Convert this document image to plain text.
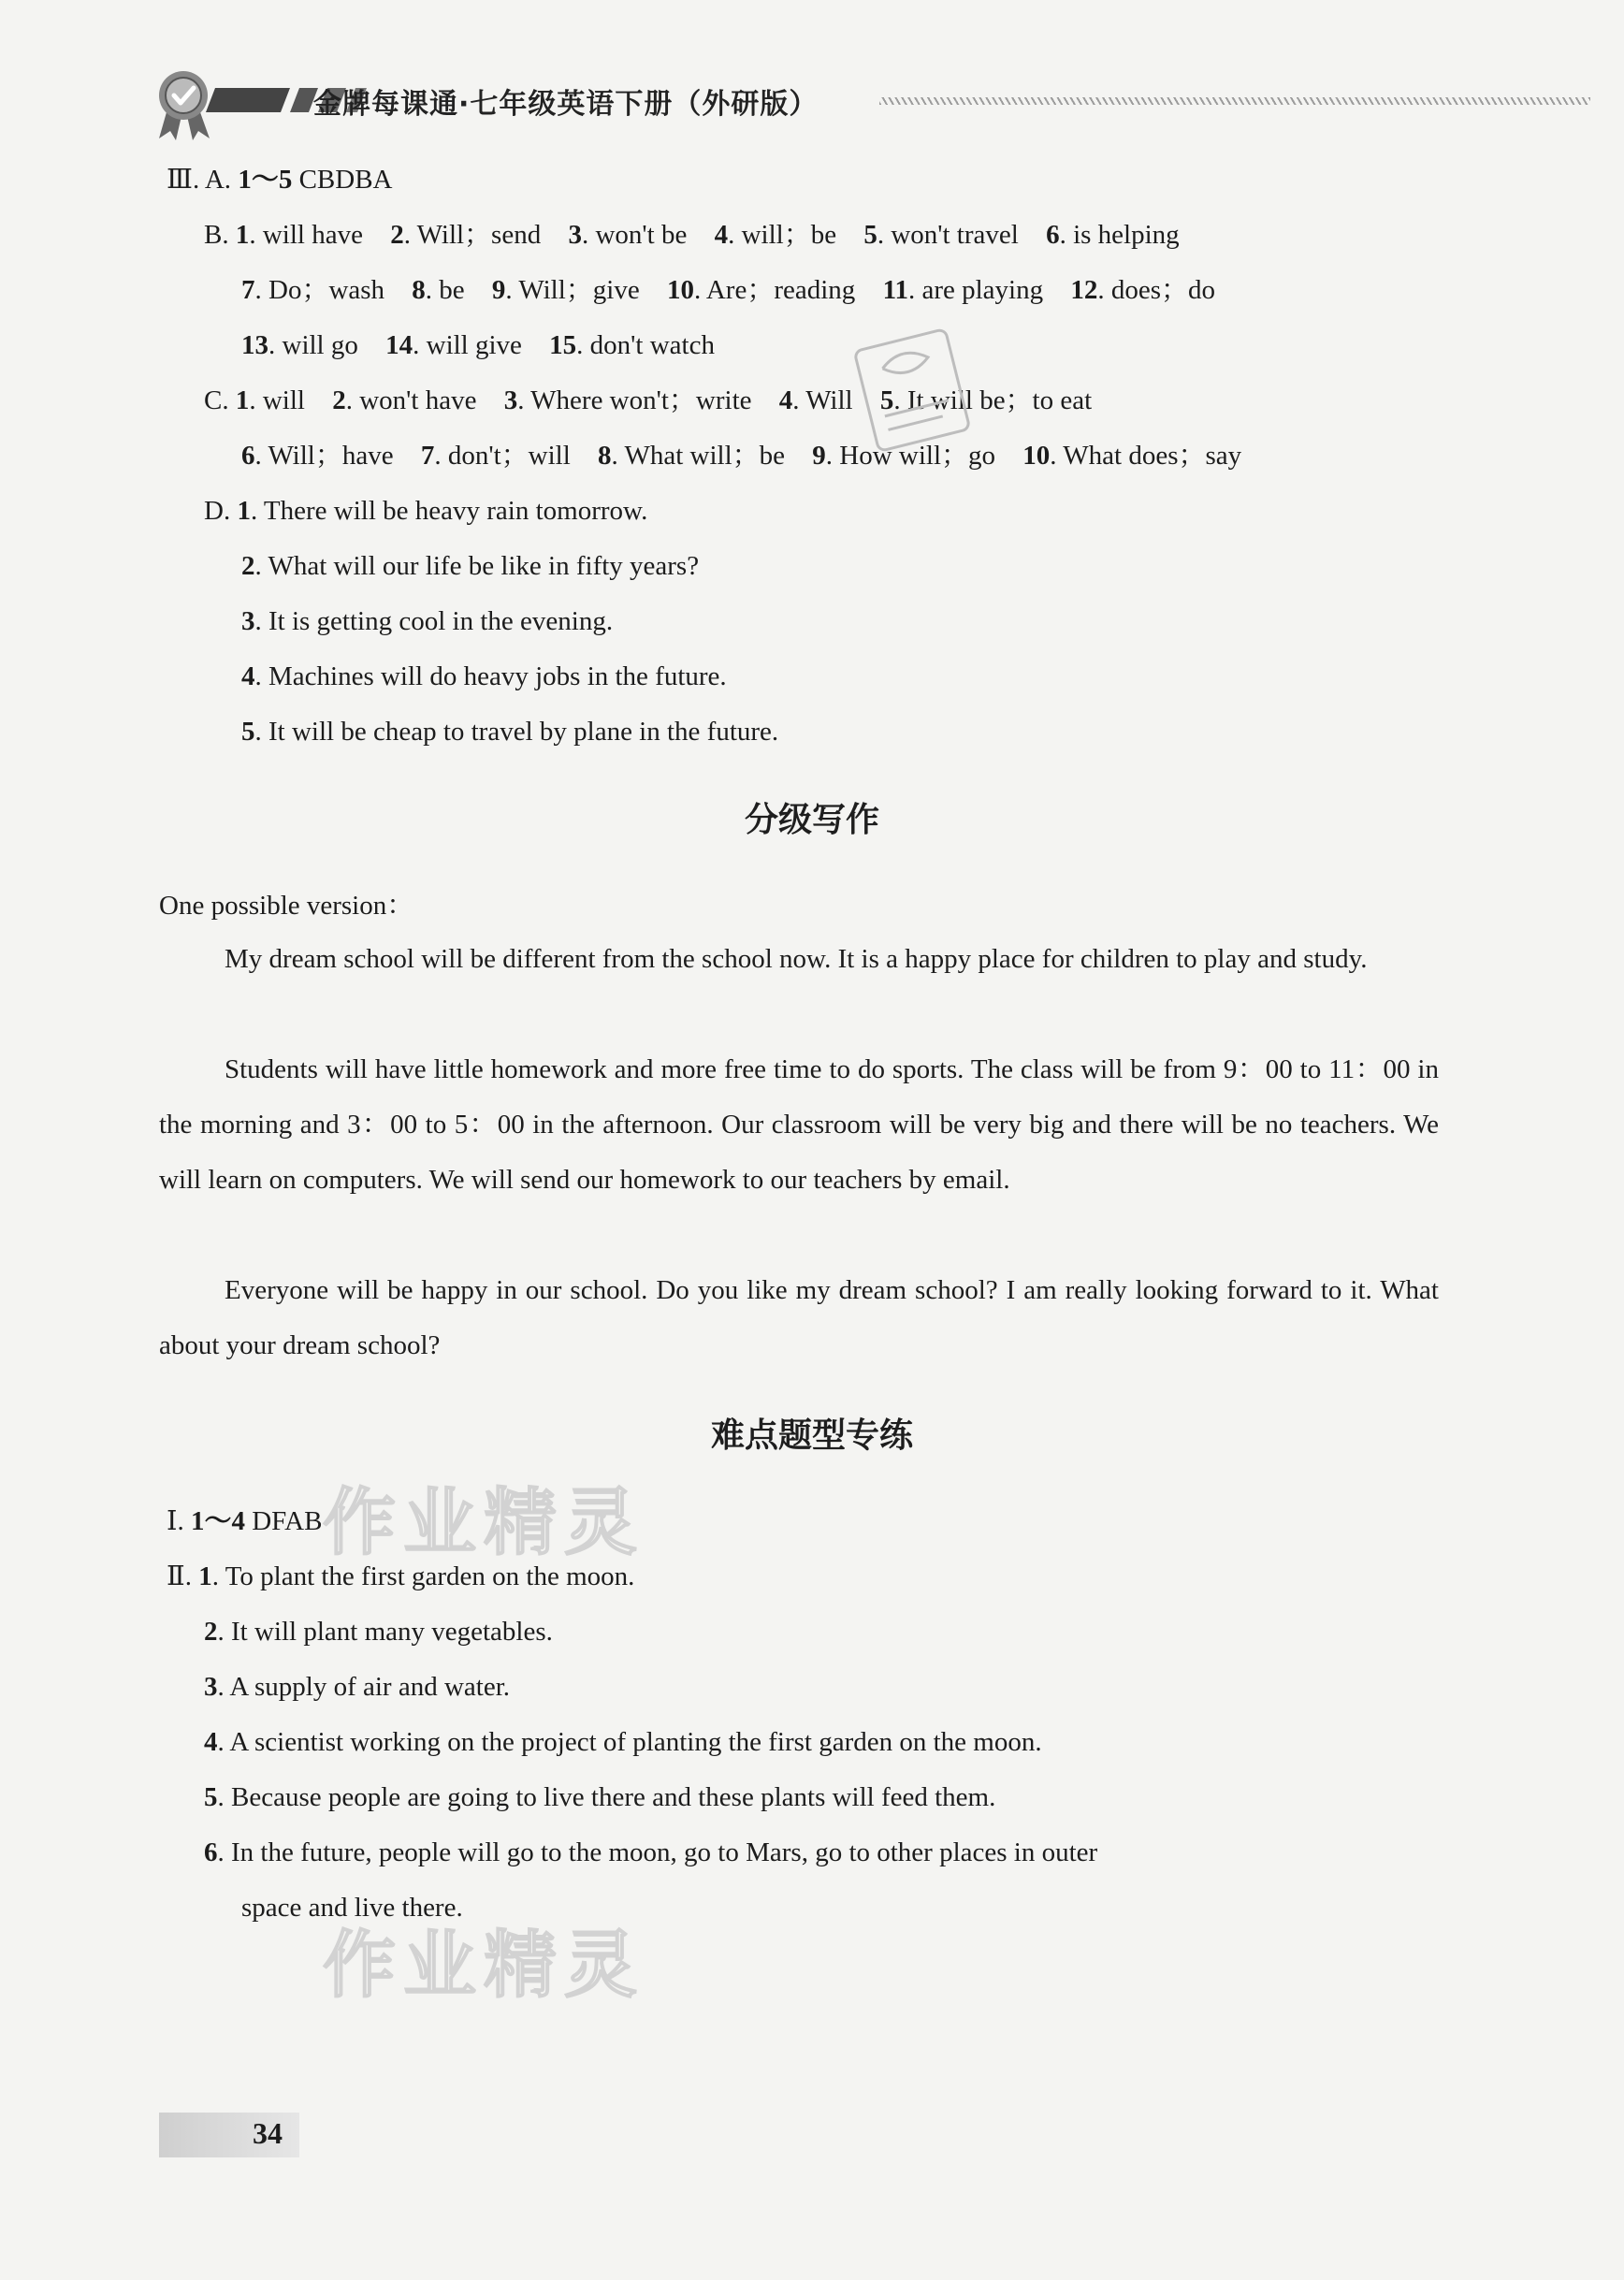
金牌每课通·七年级英语下册（外研版）
Ⅲ. A. 1～5 CBDBA
B. 1. will have 2. Will；send 3. won't be 4. will；be 5. won't travel 6. is helping
7. Do；wash 8. be 9. Will；give 10. Are；reading 11. are playing 12. does；do
13. will go 14. will give 15. don't watch
C. 1. will 2. won't have 3. Where won't；write 4. Will 5. It will be；to eat
6. Will；have 7. don't；will 8. What will；be 9. How will；go 10. What does；say
D. 1. There will be heavy rain tomorrow.
2. What will our life be like in fifty years?
3. It is getting cool in the evening.
4. Machines will do heavy jobs in the future.
5. It will be cheap to travel by plane in the future.
分级写作
One possible version：
My dream school will be different from the school now. It is a happy place for children to play and study.
Students will have little homework and more free time to do sports. The class will be from 9：00 to 11：00 in the morning and 3：00 to 5：00 in the afternoon. Our classroom will be very big and there will be no teachers. We will learn on computers. We will send our homework to our teachers by email.
Everyone will be happy in our school. Do you like my dream school? I am really looking forward to it. What about your dream school?
难点题型专练
作业精灵
Ⅰ. 1～4 DFAB
Ⅱ. 1. To plant the first garden on the moon.
2. It will plant many vegetables.
3. A supply of air and water.
4. A scientist working on the project of planting the first garden on the moon.
5. Because people are going to live there and these plants will feed them.
6. In the future, people will go to the moon, go to Mars, go to other places in outer
space and live there.
作业精灵
34
